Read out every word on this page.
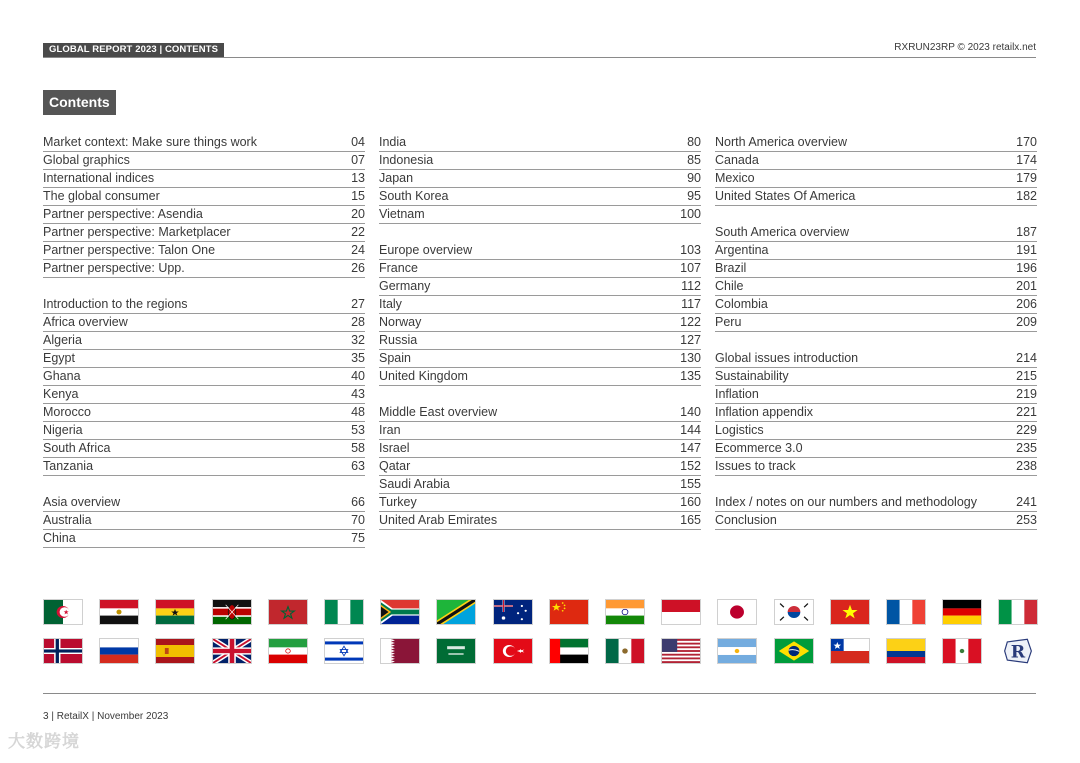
GLOBAL REPORT 2023 | CONTENTS	RXRUN23RP © 2023 retailx.net
Contents
Market context: Make sure things work	04
Global graphics	07
International indices	13
The global consumer	15
Partner perspective: Asendia	20
Partner perspective: Marketplacer	22
Partner perspective: Talon One	24
Partner perspective: Upp.	26
Introduction to the regions	27
Africa overview	28
Algeria	32
Egypt	35
Ghana	40
Kenya	43
Morocco	48
Nigeria	53
South Africa	58
Tanzania	63
Asia overview	66
Australia	70
China	75
India	80
Indonesia	85
Japan	90
South Korea	95
Vietnam	100
Europe overview	103
France	107
Germany	112
Italy	117
Norway	122
Russia	127
Spain	130
United Kingdom	135
Middle East overview	140
Iran	144
Israel	147
Qatar	152
Saudi Arabia	155
Turkey	160
United Arab Emirates	165
North America overview	170
Canada	174
Mexico	179
United States Of America	182
South America overview	187
Argentina	191
Brazil	196
Chile	201
Colombia	206
Peru	209
Global issues introduction	214
Sustainability	215
Inflation	219
Inflation appendix	221
Logistics	229
Ecommerce 3.0	235
Issues to track	238
Index / notes on our numbers and methodology	241
Conclusion	253
R
3 | RetailX | November 2023
大数跨境
